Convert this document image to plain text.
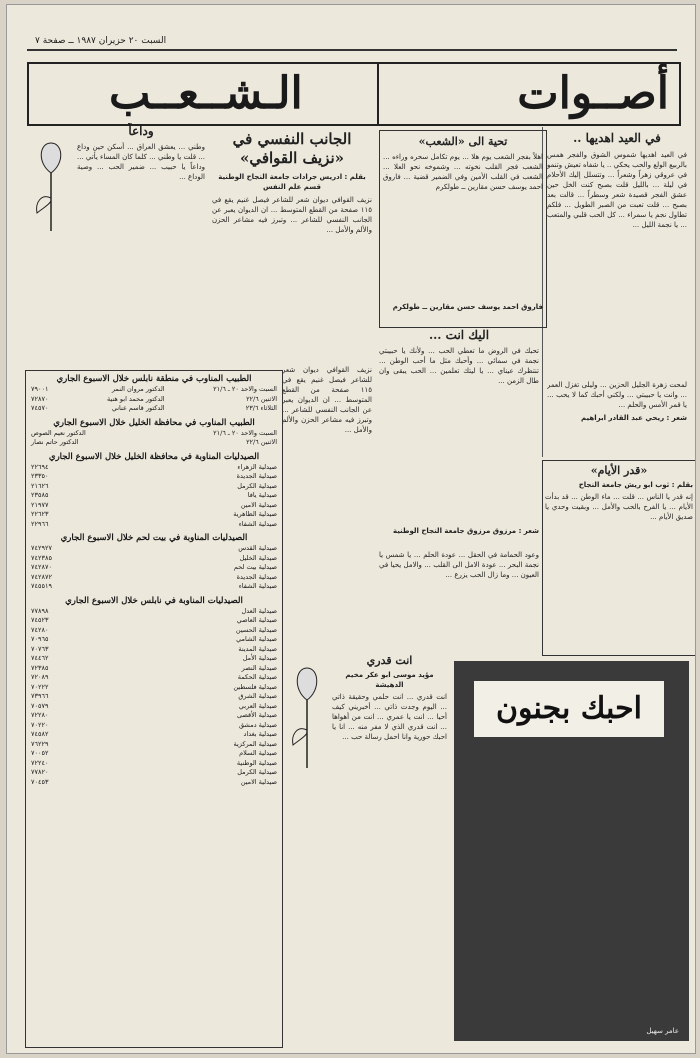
السبت ٢٠ حزيران ١٩٨٧ ــ صفحة ٧
أصــوات
الـشــعــب
في العيد اهديها ..
في العيد اهديها شموس الشوق والفجر همس بالربيع الولع والحب يحكي .. يا شفاه تعيش وتنمو في عروقي زهراً وشعراً ... وتتسلل إليك الأحلام في ليلة ... بالليل قلت بصبح كنت الخل حين عشق الفجر قصيدة شعر وسطراً ... قالت بعد بصبح ... قلت تعبت من الصبر الطويل ... فلكم تطاول نجم يا سمراء ... كل الحب قلبي والمتعب ... يا نجمة الليل ...
لمحت زهرة الجليل الحزين ... وليلى تغزل العمر ... وانت يا حبيبتي ... ولكني أحبك كما لا يحب ... يا قمر الأمس والحلم ...
شعر : ريحي عبد القادر ابراهيم
«قدر الأيام»
بقلم : ثوب ابو ريش جامعة النجاح
إنه قدر يا الناس ... قلت ... ماء الوطن ... قد بدأت الأيام ... يا الفرح بالحب والأمل ... وبقيت وحدي يا صديق الأيام ...
تحية الى «الشعب»
اهلاً بفجر الشعب يوم هلا ... يوم تكامل سحره وراءه ... الشعب فجر القلب نخوته ... وشموخه نحو العلا ... الشعب في القلب الأمين وفي الضمير قضية ... فاروق احمد يوسف حسن مقارين ــ طولكرم
فاروق احمد يوسف حسن مقارين ــ طولكرم
اليك انت ...
تحبك في الروض ما تعطي الحب ... ولأنك يا حبيبتي نجمة في سمائي ... وأحبك مثل ما أحب الوطن ... تنتظرك عيناي ... يا ليتك تعلمين ... الحب يبقى وان طال الزمن ...
شعر : مرزوق مرزوق جامعة النجاح الوطنية
وعود الحمامة في الحقل ... عودة الحلم ... يا شمس يا نجمة البحر ... عودة الامل الى القلب ... والامل يحيا في العيون ... وما زال الحب يزرع ...
الجانب النفسي في «نزيف القوافي»
بقلم : ادريس جرادات جامعة النجاح الوطنية قسم علم النفس
نزيف القوافي ديوان شعر للشاعر فيصل غنيم يقع في ١١٥ صفحة من القطع المتوسط ... ان الديوان يعبر عن الجانب النفسي للشاعر ... وتبرز فيه مشاعر الحزن والألم والأمل ...
نزيف القوافي ديوان شعر للشاعر فيصل غنيم يقع في ١١٥ صفحة من القطع المتوسط ... ان الديوان يعبر عن الجانب النفسي للشاعر ... وتبرز فيه مشاعر الحزن والألم والأمل ...
وداعاً
وطني ... يعشق العراق ... أسكن حين وداع ... قلت يا وطني ... كلما كان المساء يأتي ... وداعاً يا حبيب ... ضمير الحب ... وصية الوداع ...
الطبيب المناوب في منطقة نابلس خلال الاسبوع الجاري
السبت والاحد ٢٠ ـ ٢١/٦	الدكتور مروان النمر	٧٩٠٠١
الاثنين ٢٢/٦	الدكتور محمد ابو هنية	٧٢٨٧٠
الثلاثاء ٢٣/٦	الدكتور قاسم عناني	٧٤٥٧٠
الطبيب المناوب في محافظة الخليل خلال الاسبوع الجاري
السبت والاحد ٢٠ ـ ٢١/٦	الدكتور نعيم الصوص
الاثنين ٢٢/٦	الدكتور حاتم نصار
الصيدليات المناوبة في محافظة الخليل خلال الاسبوع الجاري
صيدلية الزهراء	٢٢٦٩٤
صيدلية الجديدة	٢٣٣٥٠
صيدلية الكرمل	٢١٦٢٦
صيدلية يافا	٢٣٥٨٥
صيدلية الامين	٢١٩٧٧
صيدلية الظاهرية	٢٢٦٢٣
صيدلية الشفاء	٢٢٩٦٦
الصيدليات المناوبة في بيت لحم خلال الاسبوع الجاري
صيدلية القدس	٧٤٢٩٢٧
صيدلية الخليل	٧٤٢٣٨٥
صيدلية بيت لحم	٧٤٢٨٧٠
صيدلية الجديدة	٧٤٢٨٧٢
صيدلية الشفاء	٧٤٥٥١٩
الصيدليات المناوبة في نابلس خلال الاسبوع الجاري
صيدلية العدل	٧٧٨٩٨
صيدلية العاصي	٧٤٥٢٣
صيدلية الحسين	٧٤٢٨٠
صيدلية الشامي	٧٠٩٦٥
صيدلية المدينة	٧٠٧٦٣
صيدلية الأمل	٧٤٤٦٢
صيدلية النصر	٧٢٣٨٥
صيدلية الحكمة	٧٢٠٨٩
صيدلية فلسطين	٧٠٢٢٢
صيدلية الشرق	٧٣٩٦٦
صيدلية العربي	٧٠٥٧٩
صيدلية الأقصى	٧٢٢٨٠
صيدلية دمشق	٧٠٢٢٠
صيدلية بغداد	٧٤٥٨٢
صيدلية المركزية	٧٦٢٢٩
صيدلية السلام	٧٠٠٥٢
صيدلية الوطنية	٧٢٢٤٠
صيدلية الكرمل	٧٧٨٢٠
صيدلية الامين	٧٠٤٥٣
انت قدري
مؤيد موسى ابو عكر مخيم الدهيشة
انت قدري ... انت حلمي وحقيقة ذاتي ... اليوم وجدت ذاتي ... أخبريني كيف أحيا ... انت يا عمري ... انت من أهواها ... انت قدري الذي لا مفر منه ... انا يا احبك حورية وانا احمل رسالة حب ...
احبك بجنون
عامر سهيل
